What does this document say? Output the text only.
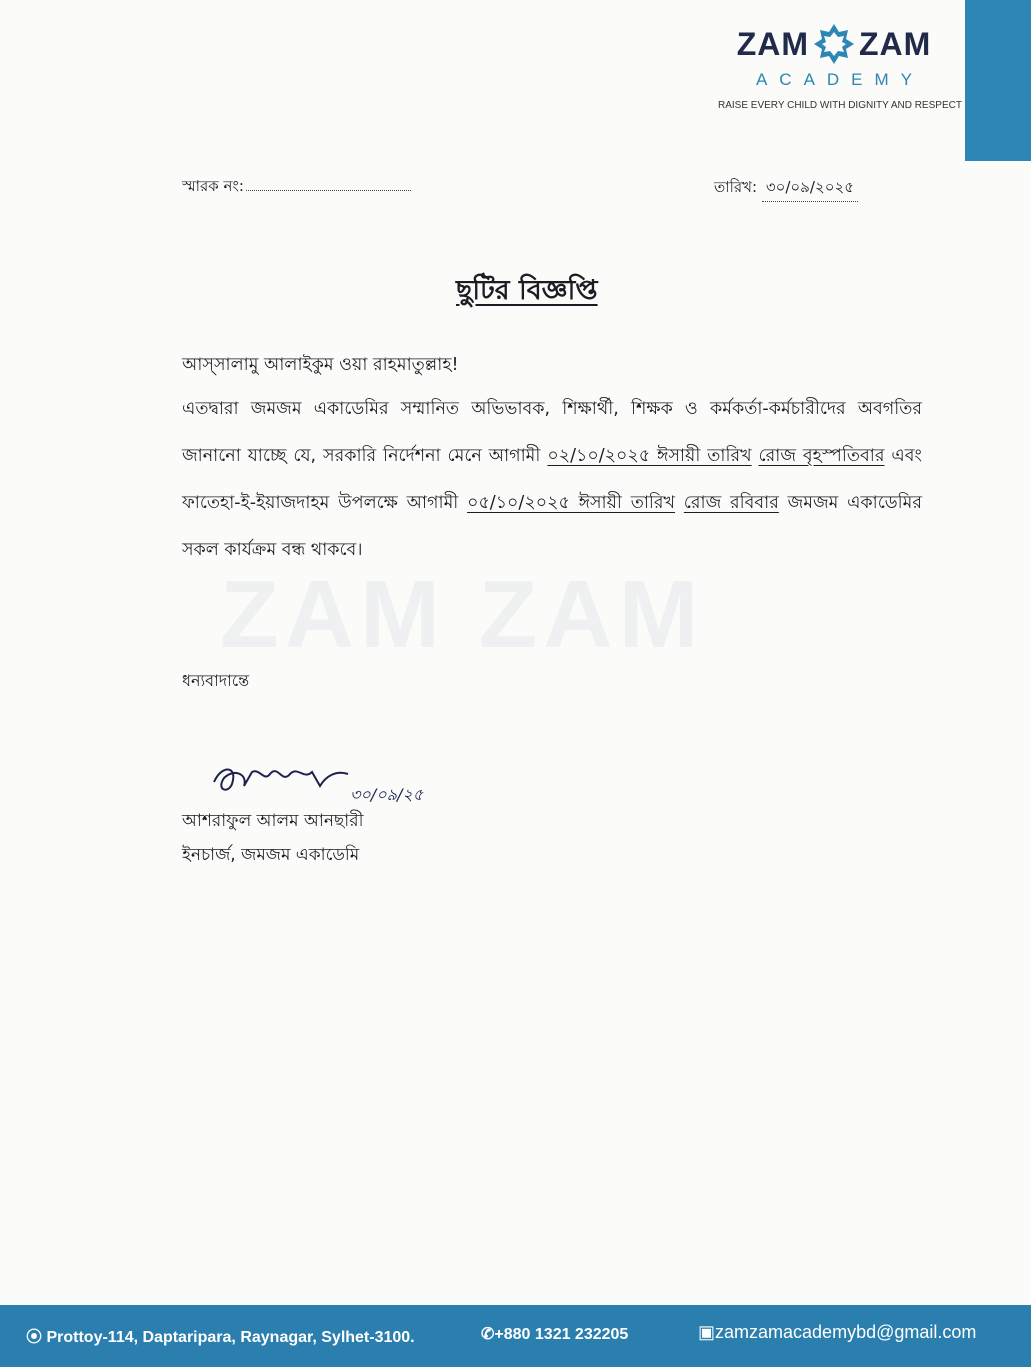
ZAM ZAM
ACADEMY
RAISE EVERY CHILD WITH DIGNITY AND RESPECT
স্মারক নং:	তারিখ: ৩০/০৯/২০২৫
ZAM ZAM
ছুটির বিজ্ঞপ্তি
আস্‌সালামু আলাইকুম ওয়া রাহমাতুল্লাহ!
এতদ্বারা জমজম একাডেমির সম্মানিত অভিভাবক, শিক্ষার্থী, শিক্ষক ও কর্মকর্তা-কর্মচারীদের অবগতির জানানো যাচ্ছে যে, সরকারি নির্দেশনা মেনে আগামী ০২/১০/২০২৫ ঈসায়ী তারিখ রোজ বৃহস্পতিবার এবং ফাতেহা-ই-ইয়াজদাহম উপলক্ষে আগামী ০৫/১০/২০২৫ ঈসায়ী তারিখ রোজ রবিবার জমজম একাডেমির সকল কার্যক্রম বন্ধ থাকবে।
ধন্যবাদান্তে
৩০/০৯/২৫
আশরাফুল আলম আনছারী
ইনচার্জ, জমজম একাডেমি
⦿ Prottoy-114, Daptaripara, Raynagar, Sylhet-3100.	✆+880 1321 232205	▣zamzamacademybd@gmail.com
